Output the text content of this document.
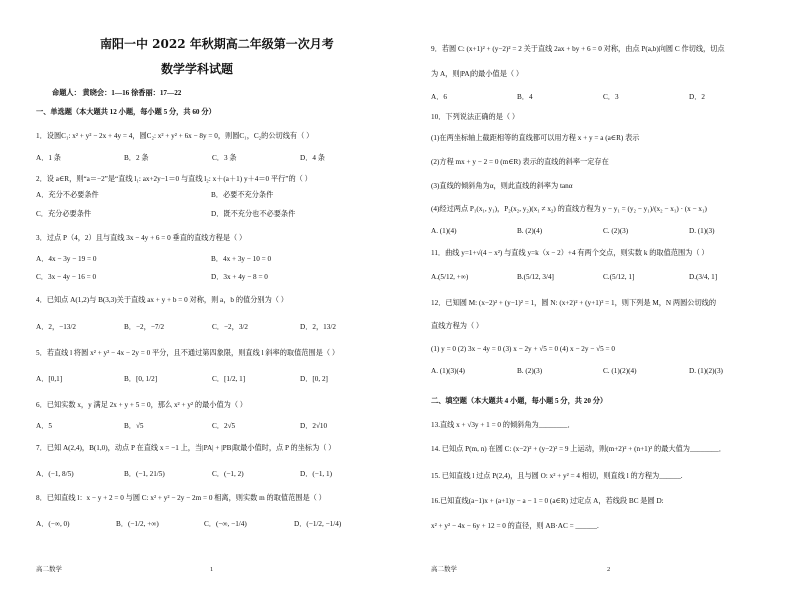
南阳一中 2022 年秋期高二年级第一次月考
数学学科试题
命题人： 黄晓会：1—16 徐香丽：17—22
一、单选题（本大题共 12 小题，每小题 5 分，共 60 分）
1．设圆C₁: x² + y² − 2x + 4y = 4，圆C₂: x² + y² + 6x − 8y = 0，则圆C₁，C₂的公切线有（ ）
A．1 条	B．2 条	C．3 条	D．4 条
2．设 a∈R，则“a＝−2”是“直线 l₁: ax+2y−1＝0 与直线 l₂: x＋(a＋1) y＋4＝0 平行”的（ ）
A．充分不必要条件	B．必要不充分条件
C．充分必要条件	D．既不充分也不必要条件
3．过点 P（4，2）且与直线 3x − 4y + 6 = 0 垂直的直线方程是（ ）
A．4x − 3y − 19 = 0	B．4x + 3y − 10 = 0
C．3x − 4y − 16 = 0	D．3x + 4y − 8 = 0
4．已知点 A(1,2)与 B(3,3)关于直线 ax + y + b = 0 对称，则 a，b 的值分别为（ ）
A．2，−13/2	B．−2，−7/2	C．−2，3/2	D．2，13/2
5．若直线 l 将圆 x² + y² − 4x − 2y = 0 平分，且不通过第四象限，则直线 l 斜率的取值范围是（ ）
A．[0,1]	B．[0, 1/2]	C．[1/2, 1]	D．[0, 2]
6．已知实数 x，y 满足 2x + y + 5 = 0，那么 x² + y² 的最小值为（ ）
A．5	B．√5	C．2√5	D．2√10
7．已知 A(2,4)，B(1,0)，动点 P 在直线 x = −1 上，当|PA| + |PB|取最小值时，点 P 的坐标为（ ）
A．(−1, 8/5)	B．(−1, 21/5)	C．(−1, 2)	D．(−1, 1)
8．已知直线 l：x − y + 2 = 0 与圆 C: x² + y² − 2y − 2m = 0 相离，则实数 m 的取值范围是（ ）
A．(−∞, 0)	B．(−1/2, +∞)	C．(−∞, −1/4)	D．(−1/2, −1/4)
高二数学	1
9．若圆 C: (x+1)² + (y−2)² = 2 关于直线 2ax + by + 6 = 0 对称，由点 P(a,b)向圆 C 作切线，切点
为 A，则|PA|的最小值是（ ）
A．6	B．4	C．3	D．2
10．下列说法正确的是（ ）
(1)在两坐标轴上截距相等的直线都可以用方程 x + y = a (a∈R) 表示
(2)方程 mx + y − 2 = 0 (m∈R) 表示的直线的斜率一定存在
(3)直线的倾斜角为α，则此直线的斜率为 tanα
(4)经过两点 P₁(x₁, y₁)，P₂(x₂, y₂)(x₁ ≠ x₂) 的直线方程为 y − y₁ = (y₂ − y₁)/(x₂ − x₁) · (x − x₁)
A. (1)(4)	B. (2)(4)	C. (2)(3)	D. (1)(3)
11．曲线 y=1+√(4 − x²) 与直线 y=k（x − 2）+4 有两个交点，则实数 k 的取值范围为（ ）
A.(5/12, +∞)	B.(5/12, 3/4]	C.(5/12, 1]	D.(3/4, 1]
12．已知圆 M: (x−2)² + (y−1)² = 1，圆 N: (x+2)² + (y+1)² = 1，则下列是 M，N 两圆公切线的
直线方程为（ ）
(1) y = 0 (2) 3x − 4y = 0 (3) x − 2y + √5 = 0 (4) x − 2y − √5 = 0
A. (1)(3)(4)	B. (2)(3)	C. (1)(2)(4)	D. (1)(2)(3)
二、填空题（本大题共 4 小题，每小题 5 分，共 20 分）
13.直线 x + √3y + 1 = 0 的倾斜角为________．
14. 已知点 P(m, n) 在圆 C: (x−2)² + (y−2)² = 9 上运动，则(m+2)² + (n+1)² 的最大值为________．
15. 已知直线 l 过点 P(2,4)，且与圆 O: x² + y² = 4 相切，则直线 l 的方程为______.
16.已知直线(a−1)x + (a+1)y − a − 1 = 0 (a∈R) 过定点 A，若线段 BC 是圆 D:
x² + y² − 4x − 6y + 12 = 0 的直径，则 AB·AC = ______.
高二数学	2
